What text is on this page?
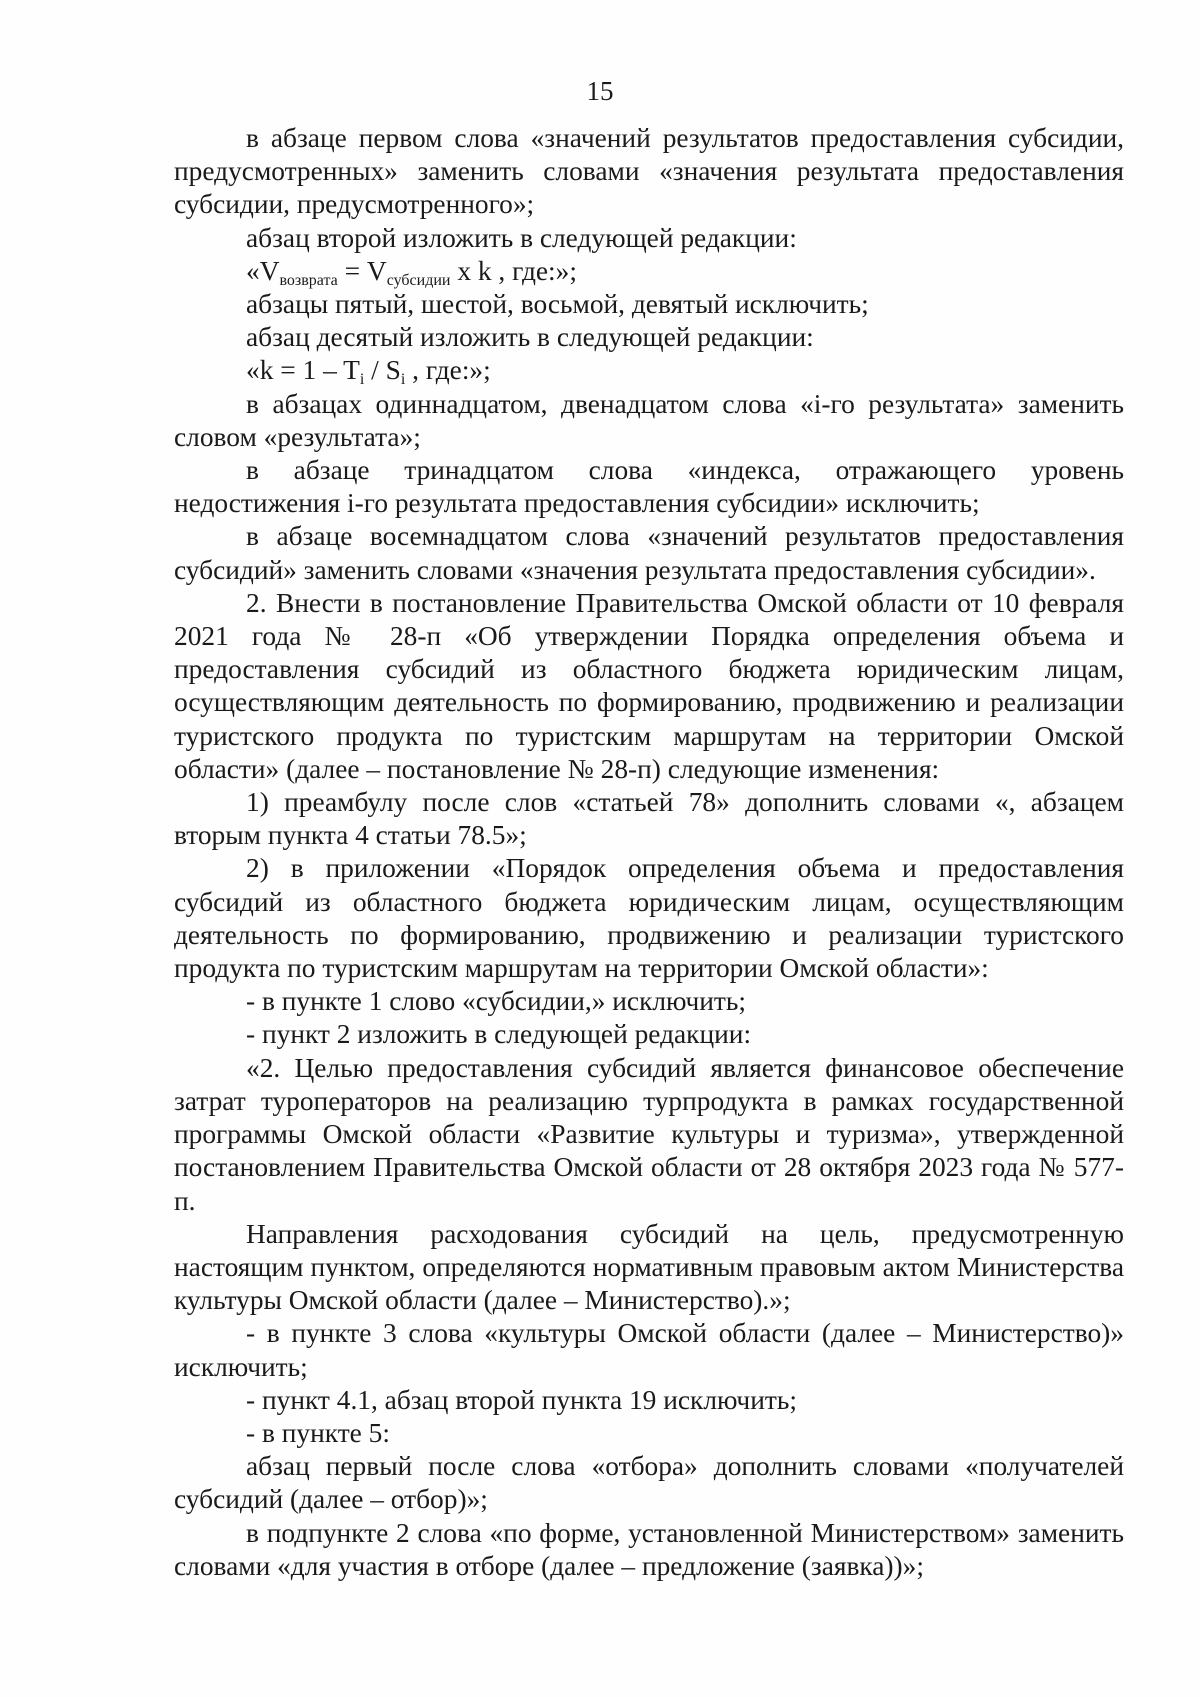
15

в абзаце первом слова «значений результатов предоставления субсидии, предусмотренных» заменить словами «значения результата предоставления субсидии, предусмотренного»;

абзац второй изложить в следующей редакции:

«$V_{возврата} = V_{субсидии}$ х k , где:»;

абзацы пятый, шестой, восьмой, девятый исключить;

абзац десятый изложить в следующей редакции:

«$k = 1 - T_i / S_i$ , где:»;

в абзацах одиннадцатом, двенадцатом слова «i-го результата» заменить словом «результата»;

в абзаце тринадцатом слова «индекса, отражающего уровень недостижения i-го результата предоставления субсидии» исключить;

в абзаце восемнадцатом слова «значений результатов предоставления субсидий» заменить словами «значения результата предоставления субсидии».

2. Внести в постановление Правительства Омской области от 10 февраля 2021 года № 28-п «Об утверждении Порядка определения объема и предоставления субсидий из областного бюджета юридическим лицам, осуществляющим деятельность по формированию, продвижению и реализации туристского продукта по туристским маршрутам на территории Омской области» (далее – постановление № 28-п) следующие изменения:

1) преамбулу после слов «статьей 78» дополнить словами «, абзацем вторым пункта 4 статьи 78.5»;

2) в приложении «Порядок определения объема и предоставления субсидий из областного бюджета юридическим лицам, осуществляющим деятельность по формированию, продвижению и реализации туристского продукта по туристским маршрутам на территории Омской области»:

- в пункте 1 слово «субсидии,» исключить;

- пункт 2 изложить в следующей редакции:

«2. Целью предоставления субсидий является финансовое обеспечение затрат туроператоров на реализацию турпродукта в рамках государственной программы Омской области «Развитие культуры и туризма», утвержденной постановлением Правительства Омской области от 28 октября 2023 года № 577-п.

Направления расходования субсидий на цель, предусмотренную настоящим пунктом, определяются нормативным правовым актом Министерства культуры Омской области (далее – Министерство).»;

- в пункте 3 слова «культуры Омской области (далее – Министерство)» исключить;

- пункт 4.1, абзац второй пункта 19 исключить;

- в пункте 5:

абзац первый после слова «отбора» дополнить словами «получателей субсидий (далее – отбор)»;

в подпункте 2 слова «по форме, установленной Министерством» заменить словами «для участия в отборе (далее – предложение (заявка))»;
